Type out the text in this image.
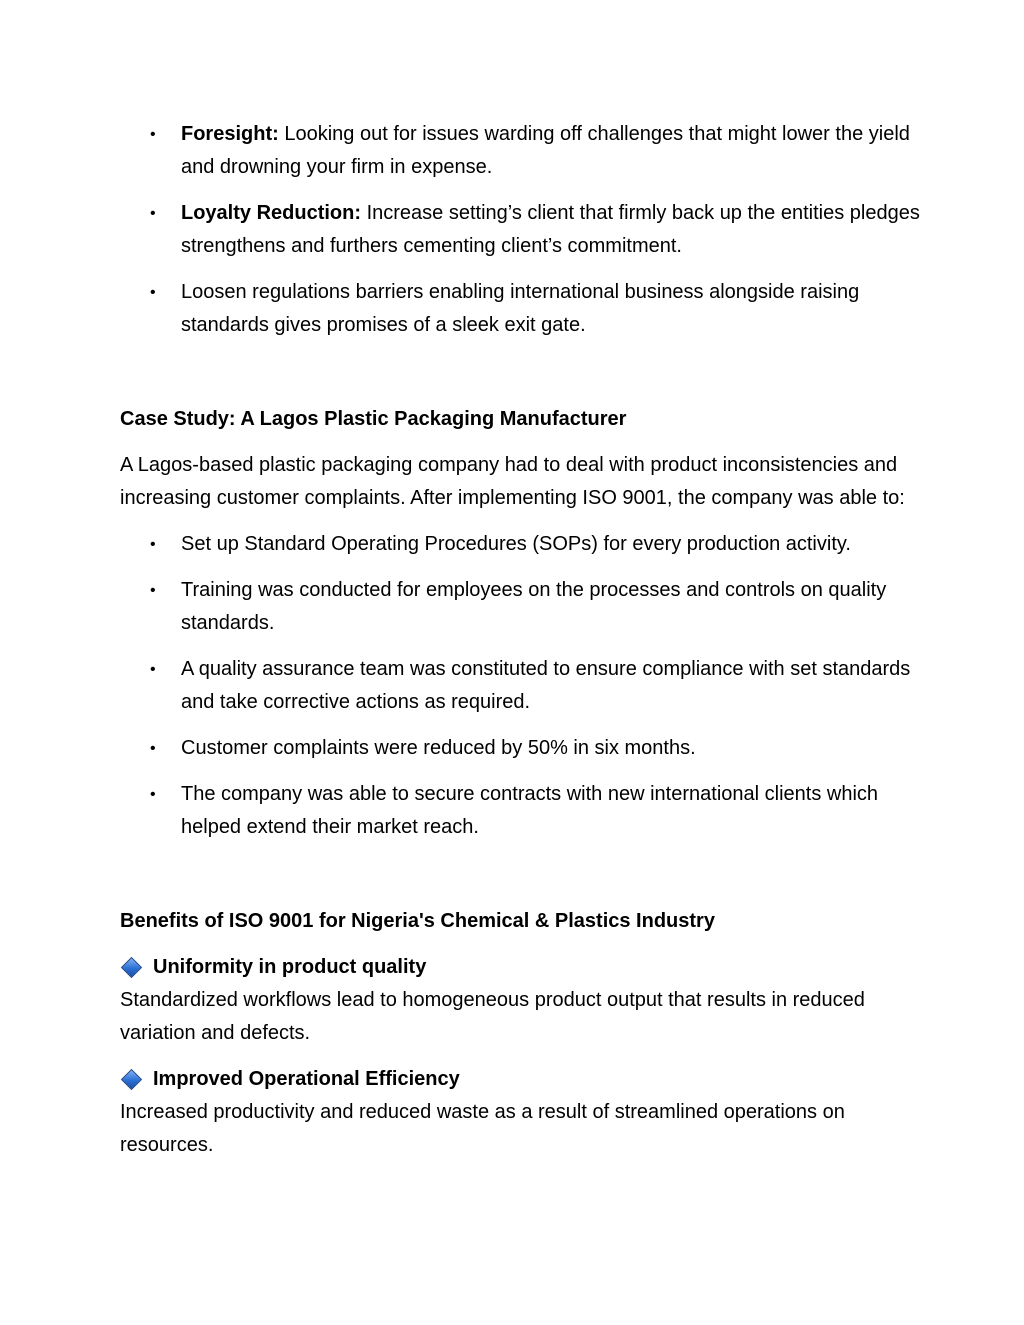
• Foresight: Looking out for issues warding off challenges that might lower the yield and drowning your firm in expense.
• Loyalty Reduction: Increase setting’s client that firmly back up the entities pledges strengthens and furthers cementing client’s commitment.
• Loosen regulations barriers enabling international business alongside raising standards gives promises of a sleek exit gate.
Case Study: A Lagos Plastic Packaging Manufacturer

A Lagos-based plastic packaging company had to deal with product inconsistencies and increasing customer complaints. After implementing ISO 9001, the company was able to:

• Set up Standard Operating Procedures (SOPs) for every production activity.
• Training was conducted for employees on the processes and controls on quality standards.
• A quality assurance team was constituted to ensure compliance with set standards and take corrective actions as required.
• Customer complaints were reduced by 50% in six months.
• The company was able to secure contracts with new international clients which helped extend their market reach.
Benefits of ISO 9001 for Nigeria's Chemical & Plastics Industry
Uniformity in product quality
Standardized workflows lead to homogeneous product output that results in reduced variation and defects.
Improved Operational Efficiency
Increased productivity and reduced waste as a result of streamlined operations on resources.
